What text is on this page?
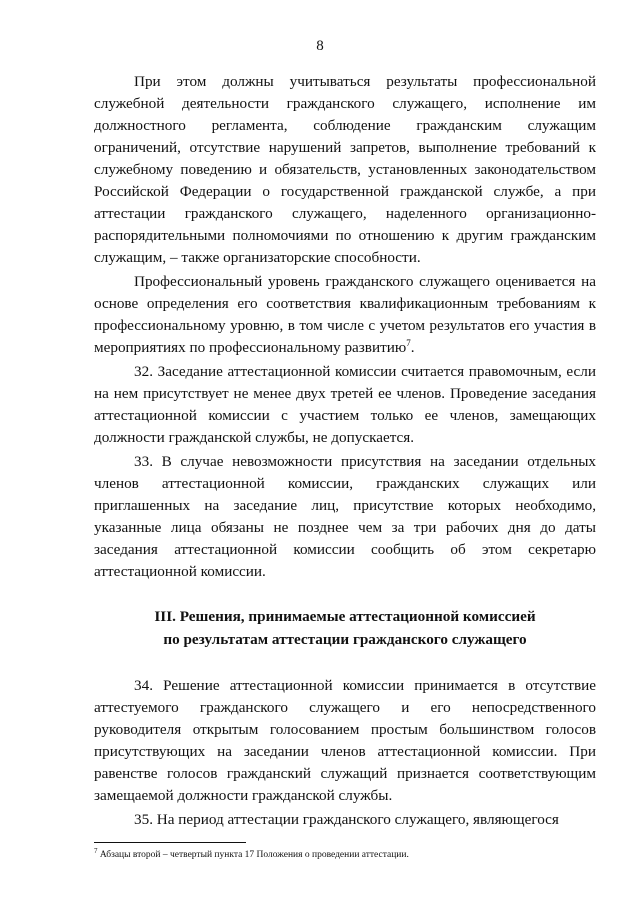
8

При этом должны учитываться результаты профессиональной служебной деятельности гражданского служащего, исполнение им должностного регламента, соблюдение гражданским служащим ограничений, отсутствие нарушений запретов, выполнение требований к служебному поведению и обязательств, установленных законодательством Российской Федерации о государственной гражданской службе, а при аттестации гражданского служащего, наделенного организационно-распорядительными полномочиями по отношению к другим гражданским служащим, – также организаторские способности.

Профессиональный уровень гражданского служащего оценивается на основе определения его соответствия квалификационным требованиям к профессиональному уровню, в том числе с учетом результатов его участия в мероприятиях по профессиональному развитию$^7$.

32. Заседание аттестационной комиссии считается правомочным, если на нем присутствует не менее двух третей ее членов. Проведение заседания аттестационной комиссии с участием только ее членов, замещающих должности гражданской службы, не допускается.

33. В случае невозможности присутствия на заседании отдельных членов аттестационной комиссии, гражданских служащих или приглашенных на заседание лиц, присутствие которых необходимо, указанные лица обязаны не позднее чем за три рабочих дня до даты заседания аттестационной комиссии сообщить об этом секретарю аттестационной комиссии.

III. Решения, принимаемые аттестационной комиссией
по результатам аттестации гражданского служащего

34. Решение аттестационной комиссии принимается в отсутствие аттестуемого гражданского служащего и его непосредственного руководителя открытым голосованием простым большинством голосов присутствующих на заседании членов аттестационной комиссии. При равенстве голосов гражданский служащий признается соответствующим замещаемой должности гражданской службы.

35. На период аттестации гражданского служащего, являющегося

$^7$ Абзацы второй – четвертый пункта 17 Положения о проведении аттестации.
